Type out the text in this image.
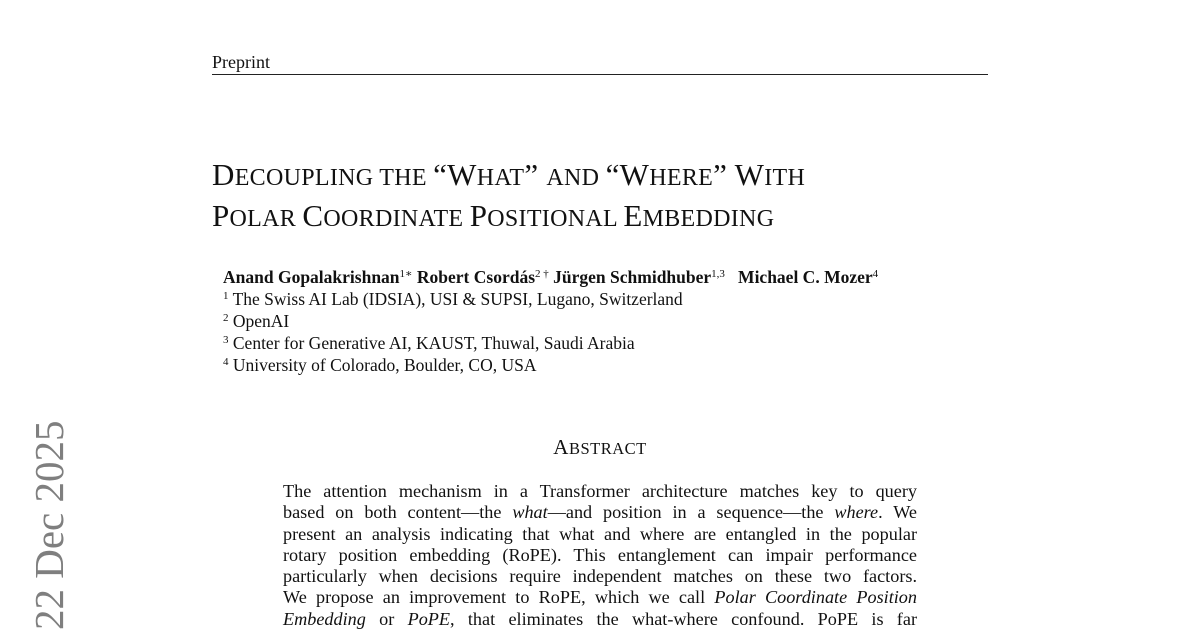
Preprint
DECOUPLING THE “WHAT” AND “WHERE” WITH
POLAR COORDINATE POSITIONAL EMBEDDING
Anand Gopalakrishnan$^{1∗}$ Robert Csordás$^{2 \dagger}$ Jürgen Schmidhuber$^{1,3}$ Michael C. Mozer$^4$
$^1$ The Swiss AI Lab (IDSIA), USI & SUPSI, Lugano, Switzerland
$^2$ OpenAI
$^3$ Center for Generative AI, KAUST, Thuwal, Saudi Arabia
$^4$ University of Colorado, Boulder, CO, USA
ABSTRACT
The attention mechanism in a Transformer architecture matches key to query
based on both content—the what—and position in a sequence—the where. We
present an analysis indicating that what and where are entangled in the popular
rotary position embedding (RoPE). This entanglement can impair performance
particularly when decisions require independent matches on these two factors.
We propose an improvement to RoPE, which we call Polar Coordinate Position
Embedding or PoPE, that eliminates the what-where confound. PoPE is far
22 Dec 2025
